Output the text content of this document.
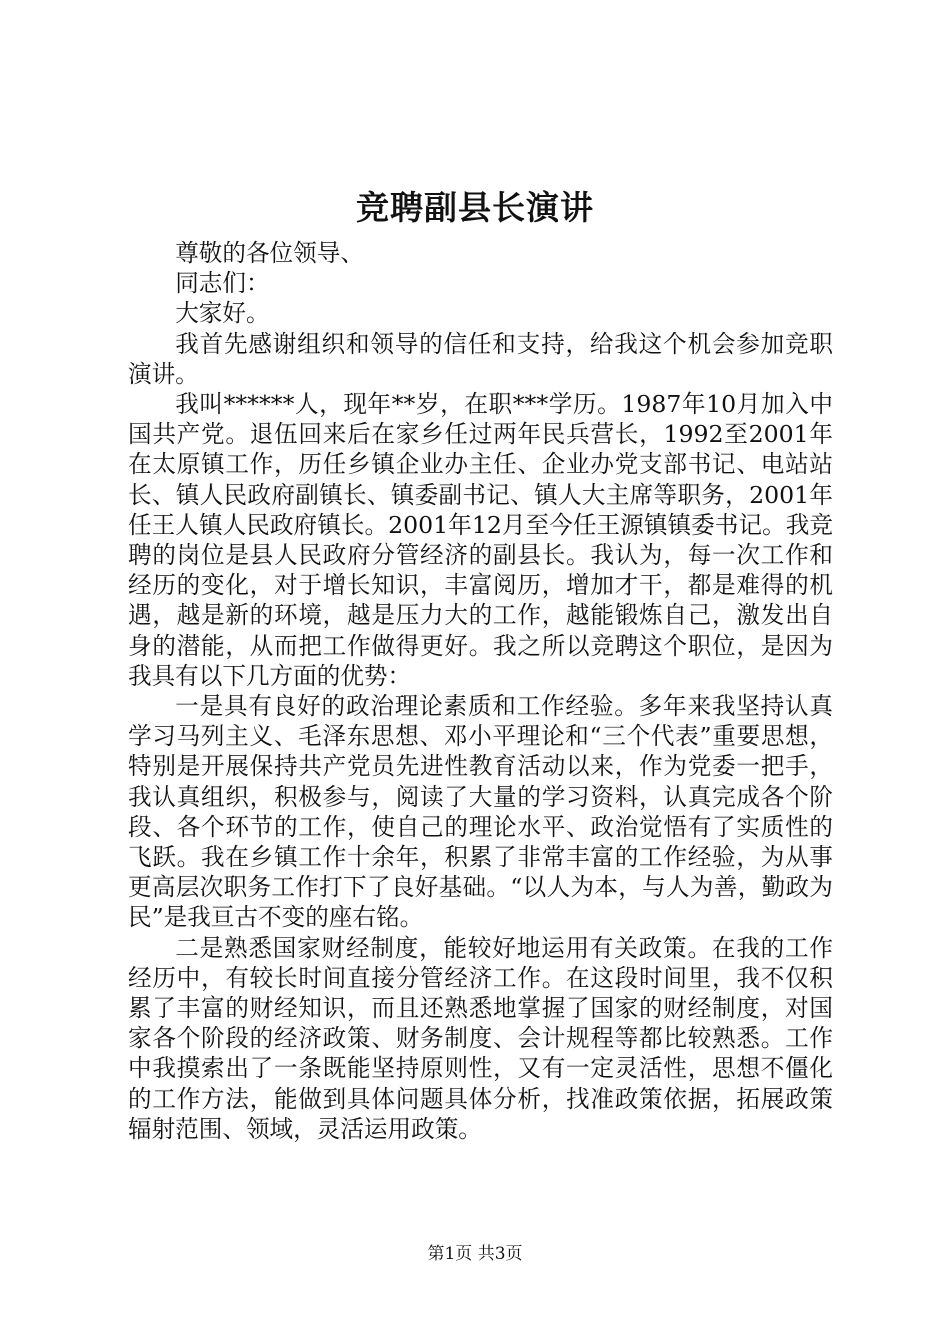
竞聘副县长演讲

尊敬的各位领导、

同志们：

大家好。

我首先感谢组织和领导的信任和支持，给我这个机会参加竞职演讲。

我叫******人，现年**岁，在职***学历。1987年10月加入中国共产党。退伍回来后在家乡任过两年民兵营长，1992至2001年在太原镇工作，历任乡镇企业办主任、企业办党支部书记、电站站长、镇人民政府副镇长、镇委副书记、镇人大主席等职务，2001年任王人镇人民政府镇长。2001年12月至今任王源镇镇委书记。我竞聘的岗位是县人民政府分管经济的副县长。我认为，每一次工作和经历的变化，对于增长知识，丰富阅历，增加才干，都是难得的机遇，越是新的环境，越是压力大的工作，越能锻炼自己，激发出自身的潜能，从而把工作做得更好。我之所以竞聘这个职位，是因为我具有以下几方面的优势：

一是具有良好的政治理论素质和工作经验。多年来我坚持认真学习马列主义、毛泽东思想、邓小平理论和“三个代表”重要思想，特别是开展保持共产党员先进性教育活动以来，作为党委一把手，我认真组织，积极参与，阅读了大量的学习资料，认真完成各个阶段、各个环节的工作，使自己的理论水平、政治觉悟有了实质性的飞跃。我在乡镇工作十余年，积累了非常丰富的工作经验，为从事更高层次职务工作打下了良好基础。“以人为本，与人为善，勤政为民”是我亘古不变的座右铭。

二是熟悉国家财经制度，能较好地运用有关政策。在我的工作经历中，有较长时间直接分管经济工作。在这段时间里，我不仅积累了丰富的财经知识，而且还熟悉地掌握了国家的财经制度，对国家各个阶段的经济政策、财务制度、会计规程等都比较熟悉。工作中我摸索出了一条既能坚持原则性，又有一定灵活性，思想不僵化的工作方法，能做到具体问题具体分析，找准政策依据，拓展政策辐射范围、领域，灵活运用政策。

第1页 共3页
